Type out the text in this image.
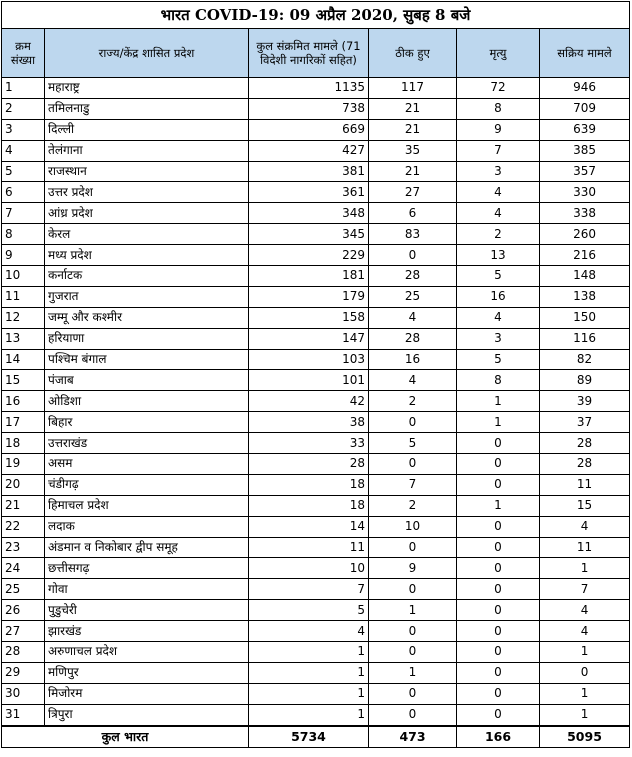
भारत COVID-19: 09 अप्रैल 2020, सुबह 8 बजे					
क्रम संख्या	राज्य/केंद्र शासित प्रदेश	कुल संक्रमित मामले (71 विदेशी नागरिकों सहित)	ठीक हुए	मृत्यु	सक्रिय मामले
1	महाराष्ट्र	1135	117	72	946
2	तमिलनाडु	738	21	8	709
3	दिल्ली	669	21	9	639
4	तेलंगाना	427	35	7	385
5	राजस्थान	381	21	3	357
6	उत्तर प्रदेश	361	27	4	330
7	आंध्र प्रदेश	348	6	4	338
8	केरल	345	83	2	260
9	मध्य प्रदेश	229	0	13	216
10	कर्नाटक	181	28	5	148
11	गुजरात	179	25	16	138
12	जम्मू और कश्मीर	158	4	4	150
13	हरियाणा	147	28	3	116
14	पश्चिम बंगाल	103	16	5	82
15	पंजाब	101	4	8	89
16	ओडिशा	42	2	1	39
17	बिहार	38	0	1	37
18	उत्तराखंड	33	5	0	28
19	असम	28	0	0	28
20	चंडीगढ़	18	7	0	11
21	हिमाचल प्रदेश	18	2	1	15
22	लदाक	14	10	0	4
23	अंडमान व निकोबार द्वीप समूह	11	0	0	11
24	छत्तीसगढ़	10	9	0	1
25	गोवा	7	0	0	7
26	पुडुचेरी	5	1	0	4
27	झारखंड	4	0	0	4
28	अरुणाचल प्रदेश	1	0	0	1
29	मणिपुर	1	1	0	0
30	मिजोरम	1	0	0	1
31	त्रिपुरा	1	0	0	1
कुल भारत		5734	473	166	5095
